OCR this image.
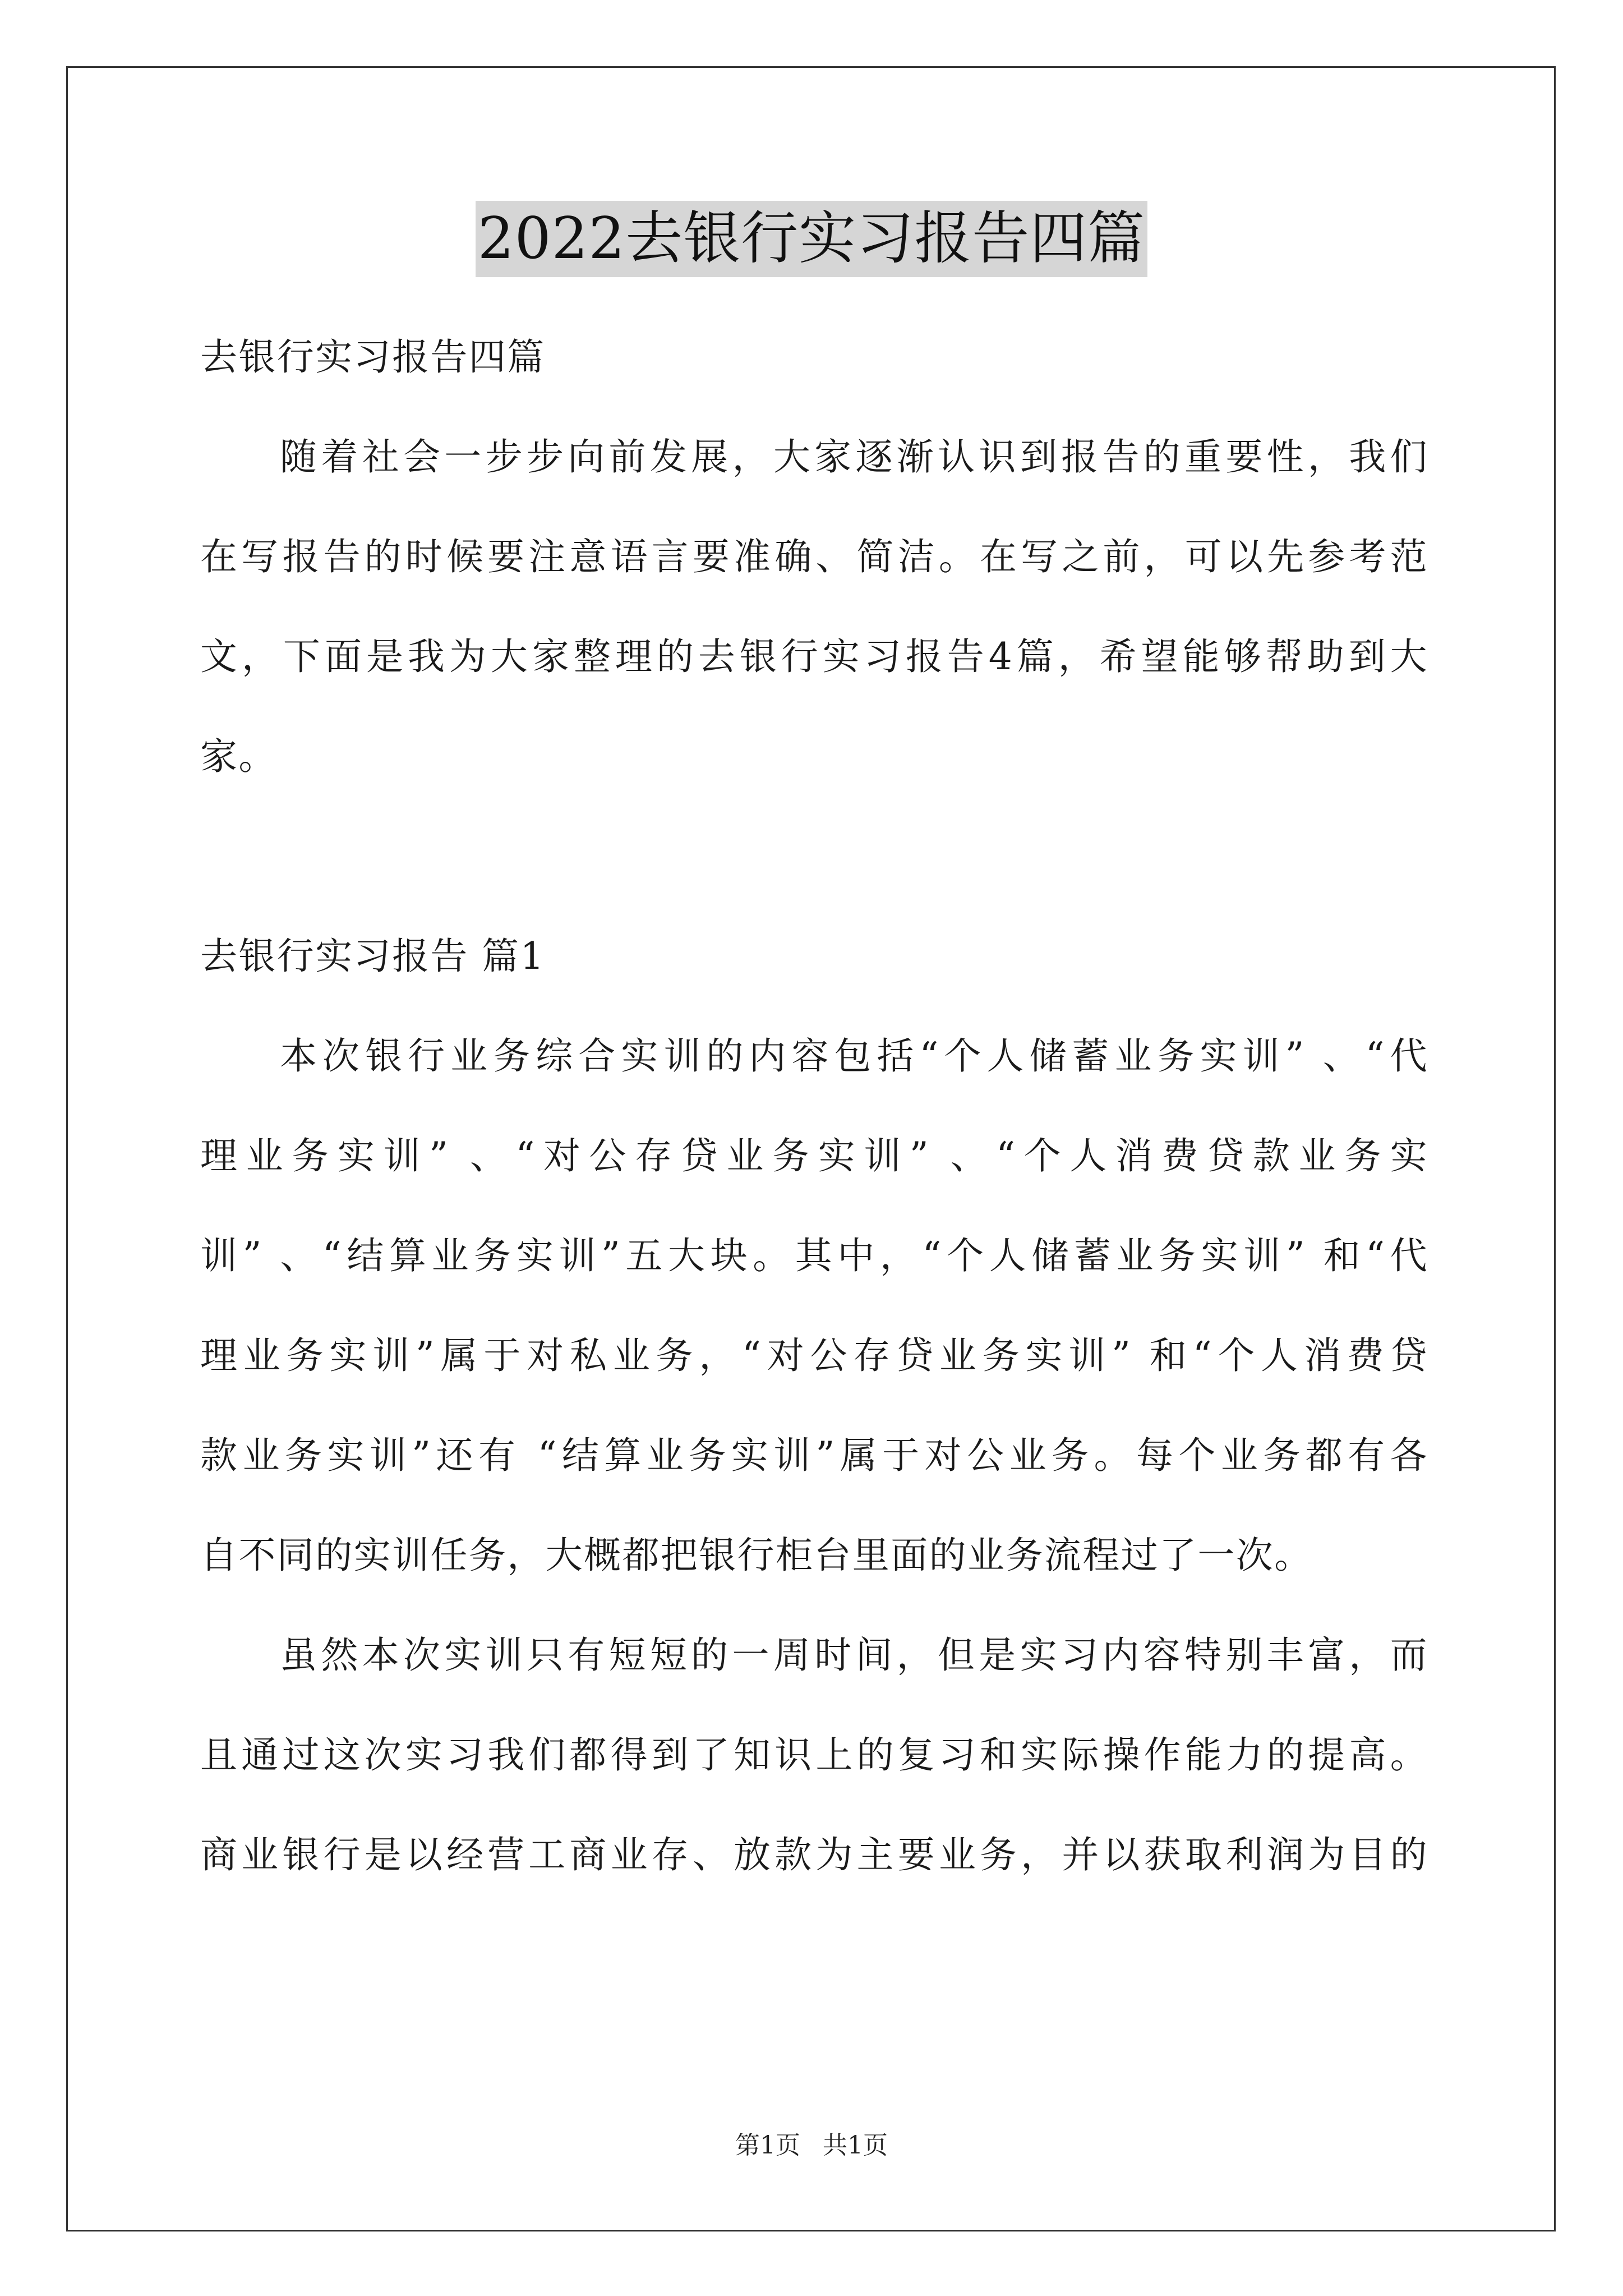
2022去银行实习报告四篇
去银行实习报告四篇
随着社会一步步向前发展，大家逐渐认识到报告的重要性，我们
在写报告的时候要注意语言要准确、简洁。在写之前，可以先参考范
文，下面是我为大家整理的去银行实习报告4篇，希望能够帮助到大
家。
去银行实习报告 篇1
本次银行业务综合实训的内容包括“个人储蓄业务实训” 、“代
理业务实训” 、“对公存贷业务实训” 、“个人消费贷款业务实
训” 、“结算业务实训”五大块。其中，“个人储蓄业务实训” 和“代
理业务实训”属于对私业务，“对公存贷业务实训” 和“个人消费贷
款业务实训”还有 “结算业务实训”属于对公业务。每个业务都有各
自不同的实训任务，大概都把银行柜台里面的业务流程过了一次。
虽然本次实训只有短短的一周时间，但是实习内容特别丰富，而
且通过这次实习我们都得到了知识上的复习和实际操作能力的提高。
商业银行是以经营工商业存、放款为主要业务，并以获取利润为目的
第1页 共1页
